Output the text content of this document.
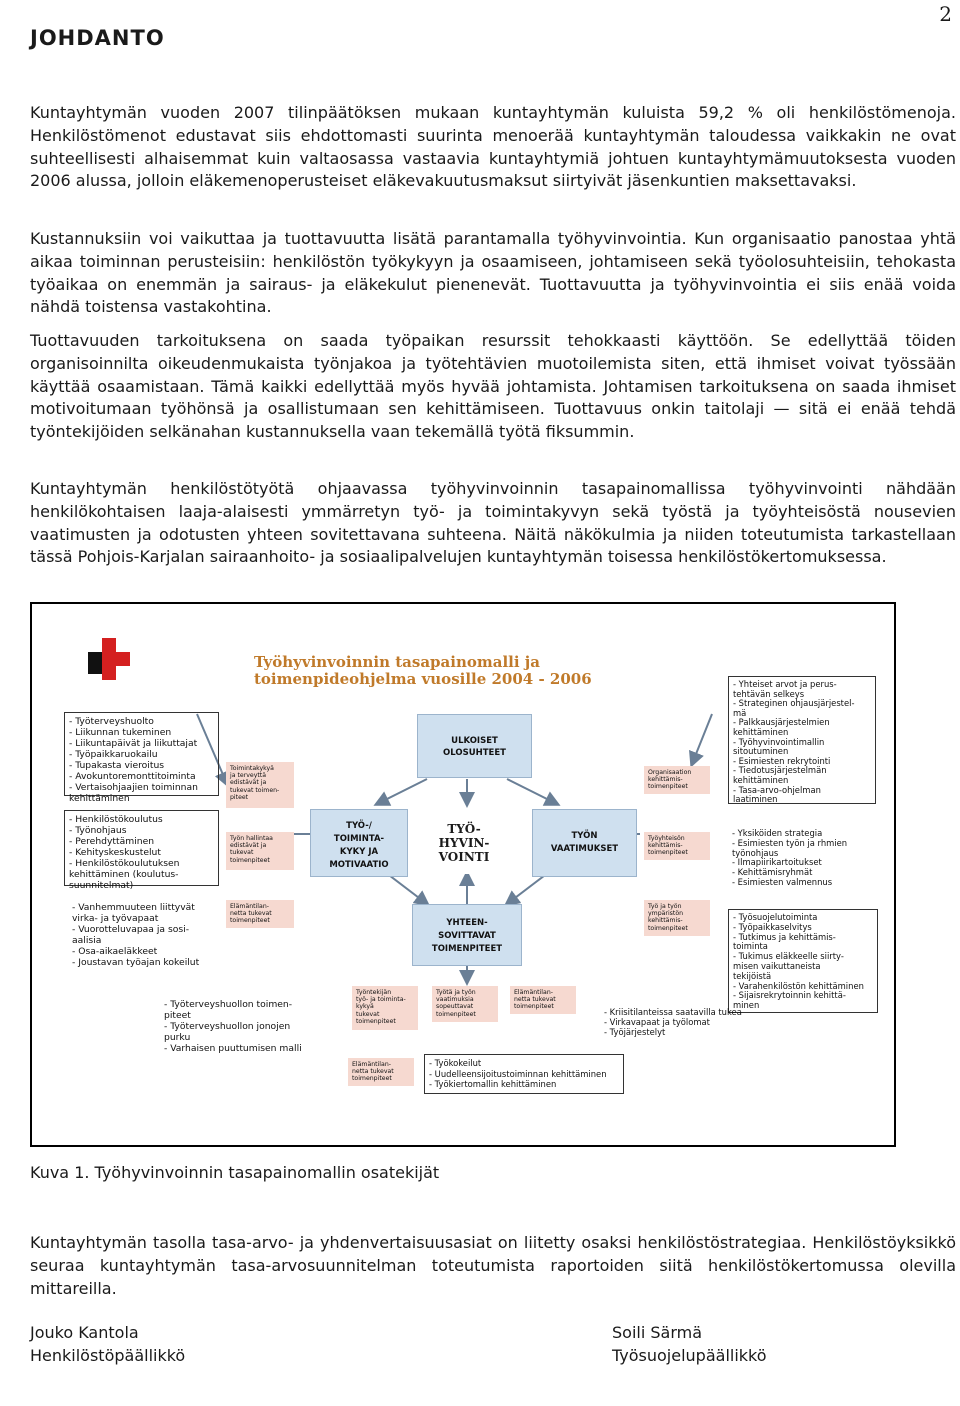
2
JOHDANTO

Kuntayhtymän vuoden 2007 tilinpäätöksen mukaan kuntayhtymän kuluista 59,2 % oli henkilöstömenoja. Henkilöstömenot edustavat siis ehdottomasti suurinta menoerää kuntayhtymän taloudessa vaikkakin ne ovat suhteellisesti alhaisemmat kuin valtaosassa vastaavia kuntayhtymiä johtuen kuntayhtymämuutoksesta vuoden 2006 alussa, jolloin eläkemenoperusteiset eläkevakuutusmaksut siirtyivät jäsenkuntien maksettavaksi.

Kustannuksiin voi vaikuttaa ja tuottavuutta lisätä parantamalla työhyvinvointia. Kun organisaatio panostaa yhtä aikaa toiminnan perusteisiin: henkilöstön työkykyyn ja osaamiseen, johtamiseen sekä työolosuhteisiin, tehokasta työaikaa on enemmän ja sairaus- ja eläkekulut pienenevät. Tuottavuutta ja työhyvinvointia ei siis enää voida nähdä toistensa vastakohtina.

Tuottavuuden tarkoituksena on saada työpaikan resurssit tehokkaasti käyttöön. Se edellyttää töiden organisoinnilta oikeudenmukaista työnjakoa ja työtehtävien muotoilemista siten, että ihmiset voivat työssään käyttää osaamistaan. Tämä kaikki edellyttää myös hyvää johtamista. Johtamisen tarkoituksena on saada ihmiset motivoitumaan työhönsä ja osallistumaan sen kehittämiseen. Tuottavuus onkin taitolaji — sitä ei enää tehdä työntekijöiden selkänahan kustannuksella vaan tekemällä työtä fiksummin.

Kuntayhtymän henkilöstötyötä ohjaavassa työhyvinvoinnin tasapainomallissa työhyvinvointi nähdään henkilökohtaisen laaja-alaisesti ymmärretyn työ- ja toimintakyvyn sekä työstä ja työyhteisöstä nousevien vaatimusten ja odotusten yhteen sovitettavana suhteena. Näitä näkökulmia ja niiden toteutumista tarkastellaan tässä Pohjois-Karjalan sairaanhoito- ja sosiaalipalvelujen kuntayhtymän toisessa henkilöstökertomuksessa.

Työhyvinvoinnin tasapainomalli ja
toimenpideohjelma vuosille 2004 - 2006
- Työterveyshuolto
- Liikunnan tukeminen
- Liikuntapäivät ja liikuttajat
- Työpaikkaruokailu
- Tupakasta vieroitus
- Avokuntoremonttitoiminta
- Vertaisohjaajien toiminnan
kehittäminen
- Henkilöstökoulutus
- Työnohjaus
- Perehdyttäminen
- Kehityskeskustelut
- Henkilöstökoulutuksen
kehittäminen (koulutus-
suunnitelmat)
- Vanhemmuuteen liittyvät
virka- ja työvapaat
- Vuorotteluvapaa ja sosi-
aalisia
- Osa-aikaeläkkeet
- Joustavan työajan kokeilut
- Työterveyshuollon toimen-
piteet
- Työterveyshuollon jonojen
purku
- Varhaisen puuttumisen malli
Toimintakykyä
ja terveyttä
edistävät ja
tukevat toimen-
piteet
Työn hallintaa
edistävät ja
tukevat
toimenpiteet
Elämäntilan-
netta tukevat
toimenpiteet
ULKOISET
OLOSUHTEET
TYÖ-/
TOIMINTA-
KYKY JA
MOTIVAATIO
TYÖ-
HYVIN-
VOINTI
TYÖN
VAATIMUKSET
YHTEEN-
SOVITTAVAT
TOIMENPITEET
Organisaation
kehittämis-
toimenpiteet
Työyhteisön
kehittämis-
toimenpiteet
Työ ja työn
ympäristön
kehittämis-
toimenpiteet
- Yhteiset arvot ja perus-
tehtävän selkeys
- Strateginen ohjausjärjestel-
mä
- Palkkausjärjestelmien
kehittäminen
- Työhyvinvointimallin
sitoutuminen
- Esimiesten rekrytointi
- Tiedotusjärjestelmän
kehittäminen
- Tasa-arvo-ohjelman
laatiminen
- Yksiköiden strategia
- Esimiesten työn ja rhmien
työnohjaus
- Ilmapiirikartoitukset
- Kehittämisryhmät
- Esimiesten valmennus
- Työsuojelutoiminta
- Työpaikkaselvitys
- Tutkimus ja kehittämis-
toiminta
- Tukimus eläkkeelle siirty-
misen vaikuttaneista
tekijöistä
- Varahenkilöstön kehittäminen
- Sijaisrekrytoinnin kehittä-
minen
- Kriisitilanteissa saatavilla tukea
- Virkavapaat ja työlomat
- Työjärjestelyt
Työntekijän
työ- ja toiminta-
kykyä
tukevat
toimenpiteet
Työtä ja työn
vaatimuksia
sopeuttavat
toimenpiteet
Elämäntilan-
netta tukevat
toimenpiteet
Elämäntilan-
netta tukevat
toimenpiteet
- Työkokeilut
- Uudelleensijoitustoiminnan kehittäminen
- Työkiertomallin kehittäminen
Kuva 1. Työhyvinvoinnin tasapainomallin osatekijät

Kuntayhtymän tasolla tasa-arvo- ja yhdenvertaisuusasiat on liitetty osaksi henkilöstöstrategiaa. Henkilöstöyksikkö seuraa kuntayhtymän tasa-arvosuunnitelman toteutumista raportoiden siitä henkilöstökertomussa olevilla mittareilla.

Jouko Kantola
Henkilöstöpäällikkö
Soili Särmä
Työsuojelupäällikkö
